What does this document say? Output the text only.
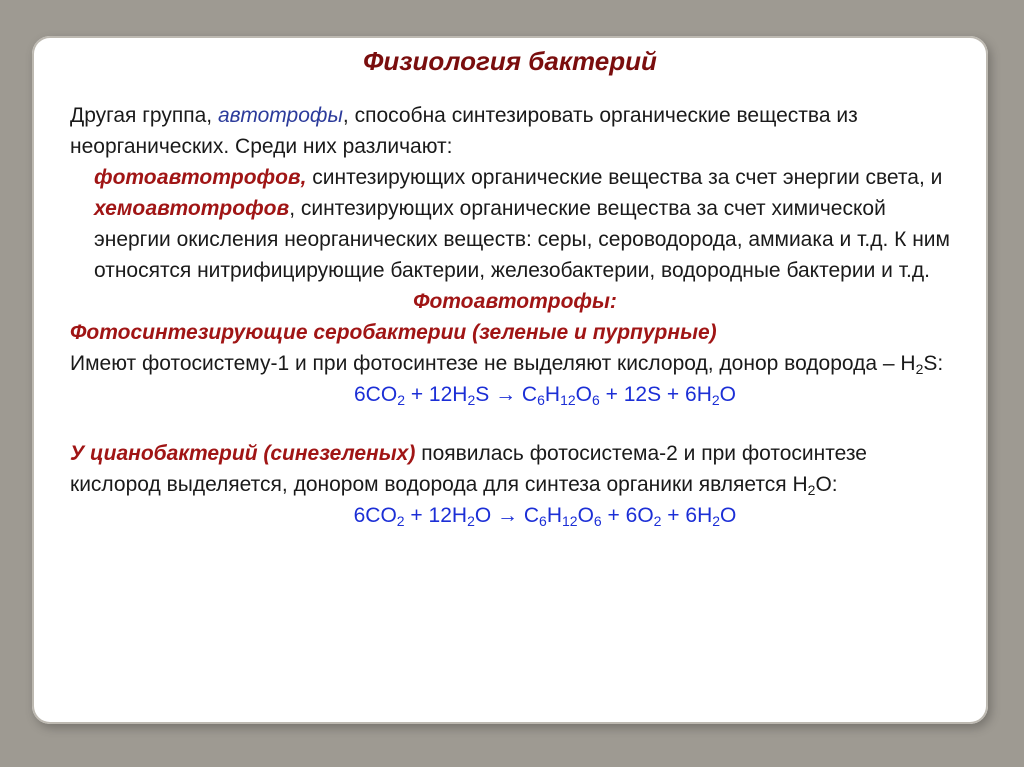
Физиология бактерий
Другая группа, автотрофы, способна синтезировать органические вещества из неорганических. Среди них различают:
фотоавтотрофов, синтезирующих органические вещества за счет энергии света, и хемоавтотрофов, синтезирующих органические вещества за счет химической энергии окисления неорганических веществ: серы, сероводорода, аммиака и т.д. К ним относятся нитрифицирующие бактерии, железобактерии, водородные бактерии и т.д.
Фотоавтотрофы:
Фотосинтезирующие серобактерии (зеленые и пурпурные)
Имеют фотосистему-1 и при фотосинтезе не выделяют кислород, донор водорода – $H_2S$:
$6CO_2 + 12H_2S \to C_6H_{12}O_6 + 12S + 6H_2O$
У цианобактерий (синезеленых) появилась фотосистема-2 и при фотосинтезе кислород выделяется, донором водорода для синтеза органики является $H_2O$:
$6CO_2 + 12H_2O \to C_6H_{12}O_6 + 6O_2 + 6H_2O$
